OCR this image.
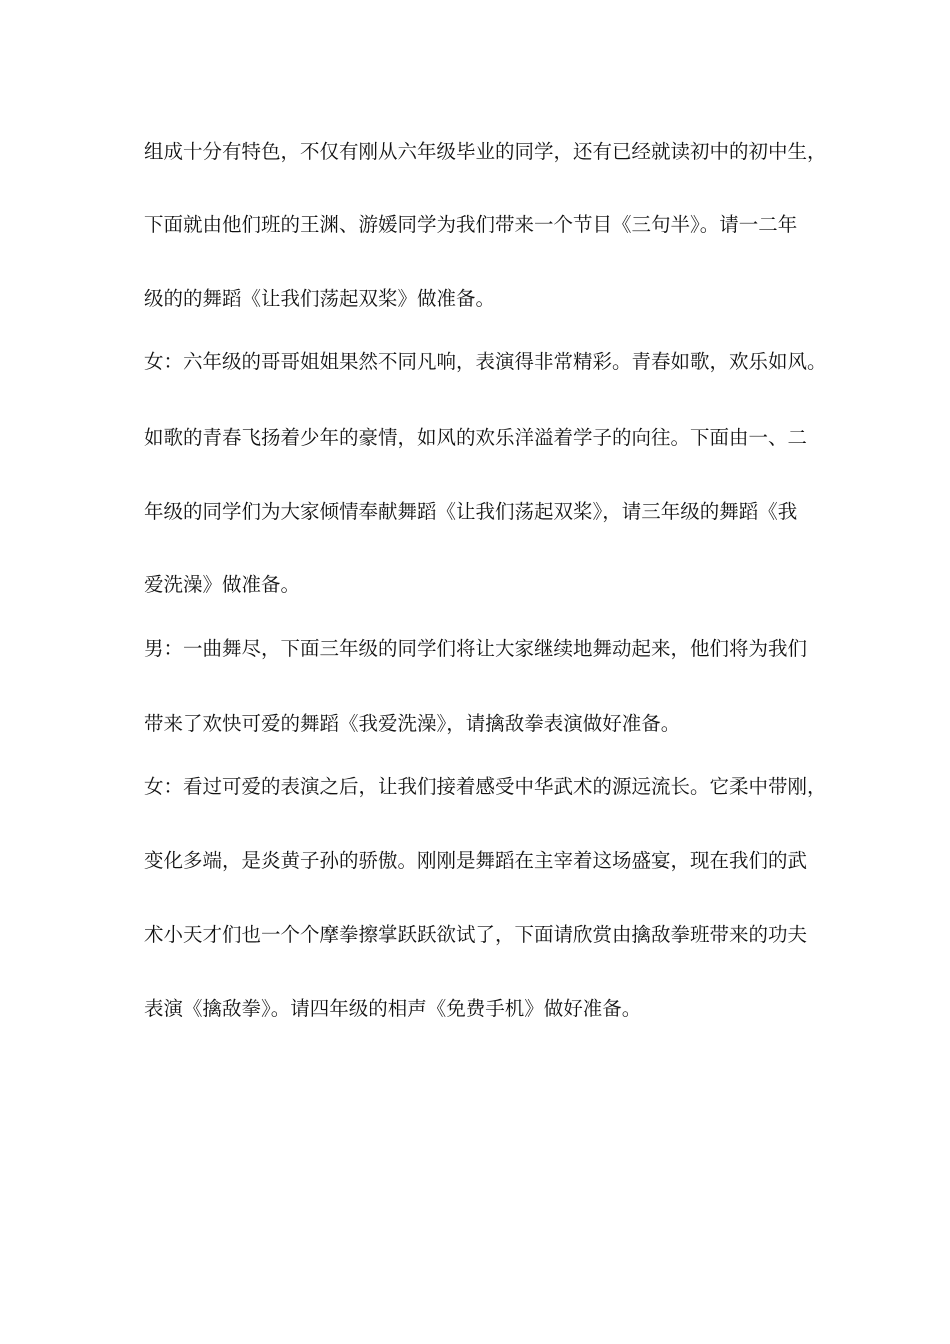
组成十分有特色，不仅有刚从六年级毕业的同学，还有已经就读初中的初中生，
下面就由他们班的王渊、游媛同学为我们带来一个节目《三句半》。请一二年
级的的舞蹈《让我们荡起双桨》做准备。
女：六年级的哥哥姐姐果然不同凡响，表演得非常精彩。青春如歌，欢乐如风。
如歌的青春飞扬着少年的豪情，如风的欢乐洋溢着学子的向往。下面由一、二
年级的同学们为大家倾情奉献舞蹈《让我们荡起双桨》，请三年级的舞蹈《我
爱洗澡》做准备。
男：一曲舞尽，下面三年级的同学们将让大家继续地舞动起来，他们将为我们
带来了欢快可爱的舞蹈《我爱洗澡》，请擒敌拳表演做好准备。
女：看过可爱的表演之后，让我们接着感受中华武术的源远流长。它柔中带刚，
变化多端，是炎黄子孙的骄傲。刚刚是舞蹈在主宰着这场盛宴，现在我们的武
术小天才们也一个个摩拳擦掌跃跃欲试了，下面请欣赏由擒敌拳班带来的功夫
表演《擒敌拳》。请四年级的相声《免费手机》做好准备。
